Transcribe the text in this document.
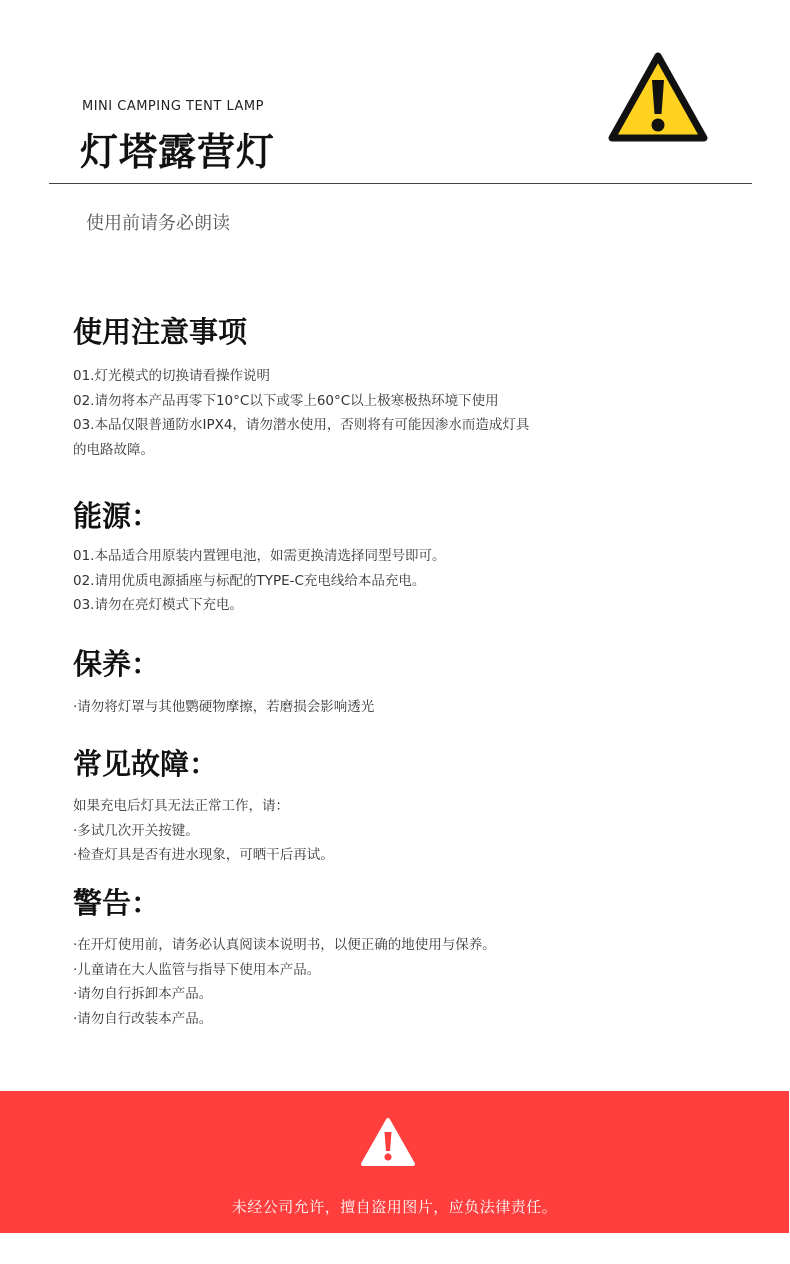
MINI CAMPING TENT LAMP
灯塔露营灯
使用前请务必朗读
使用注意事项
01.灯光模式的切换请看操作说明
02.请勿将本产品再零下10°C以下或零上60°C以上极寒极热环境下使用
03.本品仅限普通防水IPX4，请勿潜水使用，否则将有可能因渗水而造成灯具
的电路故障。
能源：
01.本品适合用原装内置锂电池，如需更换清选择同型号即可。
02.请用优质电源插座与标配的TYPE-C充电线给本品充电。
03.请勿在亮灯模式下充电。
保养：
·请勿将灯罩与其他鹦硬物摩擦，若磨损会影响透光
常见故障：
如果充电后灯具无法正常工作，请：
·多试几次开关按键。
·检查灯具是否有进水现象，可晒干后再试。
警告：
·在开灯使用前，请务必认真阅读本说明书，以便正确的地使用与保养。
·儿童请在大人监管与指导下使用本产品。
·请勿自行拆卸本产品。
·请勿自行改装本产品。
未经公司允许，擅自盗用图片，应负法律责任。
